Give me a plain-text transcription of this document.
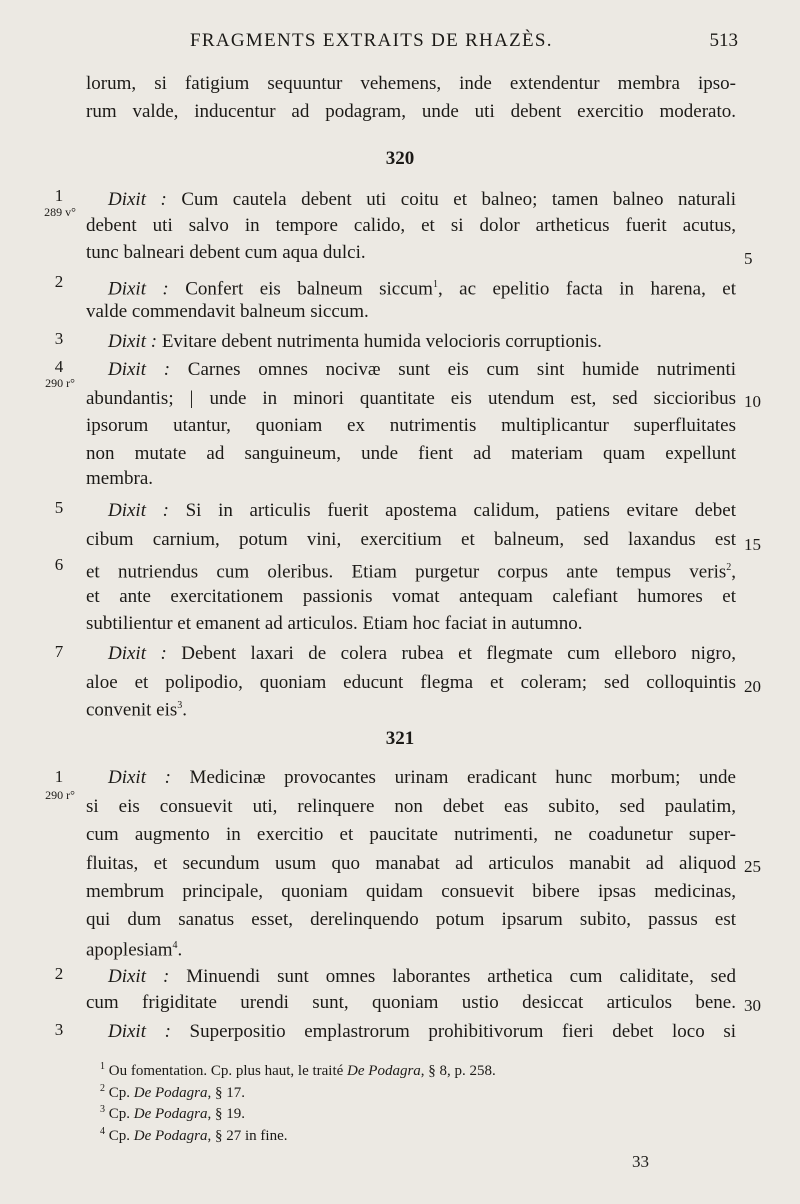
FRAGMENTS EXTRAITS DE RHAZÈS.	513
lorum, si fatigium sequuntur vehemens, inde extendentur membra ipso-
rum valde, inducentur ad podagram, unde uti debent exercitio moderato.
320
Dixit : Cum cautela debent uti coitu et balneo; tamen balneo naturali
debent uti salvo in tempore calido, et si dolor artheticus fuerit acutus,
tunc balneari debent cum aqua dulci.
Dixit : Confert eis balneum siccum$^1$, ac epelitio facta in harena, et
valde commendavit balneum siccum.
Dixit : Evitare debent nutrimenta humida velocioris corruptionis.
Dixit : Carnes omnes nocivæ sunt eis cum sint humide nutrimenti
abundantis; | unde in minori quantitate eis utendum est, sed siccioribus
ipsorum utantur, quoniam ex nutrimentis multiplicantur superfluitates
non mutate ad sanguineum, unde fient ad materiam quam expellunt
membra.
Dixit : Si in articulis fuerit apostema calidum, patiens evitare debet
cibum carnium, potum vini, exercitium et balneum, sed laxandus est
et nutriendus cum oleribus. Etiam purgetur corpus ante tempus veris$^2$,
et ante exercitationem passionis vomat antequam calefiant humores et
subtilientur et emanent ad articulos. Etiam hoc faciat in autumno.
Dixit : Debent laxari de colera rubea et flegmate cum elleboro nigro,
aloe et polipodio, quoniam educunt flegma et coleram; sed colloquintis
convenit eis$^3$.
321
Dixit : Medicinæ provocantes urinam eradicant hunc morbum; unde
si eis consuevit uti, relinquere non debet eas subito, sed paulatim,
cum augmento in exercitio et paucitate nutrimenti, ne coadunetur super-
fluitas, et secundum usum quo manabat ad articulos manabit ad aliquod
membrum principale, quoniam quidam consuevit bibere ipsas medicinas,
qui dum sanatus esset, derelinquendo potum ipsarum subito, passus est
apoplesiam$^4$.
Dixit : Minuendi sunt omnes laborantes arthetica cum caliditate, sed
cum frigiditate urendi sunt, quoniam ustio desiccat articulos bene.
Dixit : Superpositio emplastrorum prohibitivorum fieri debet loco si
1
2
3
4
5
6
7
1
2
3
289 v°
290 r°
290 r°
5
10
15
20
25
30
$^1$ Ou fomentation. Cp. plus haut, le traité De Podagra, § 8, p. 258.
$^2$ Cp. De Podagra, § 17.
$^3$ Cp. De Podagra, § 19.
$^4$ Cp. De Podagra, § 27 in fine.
33
